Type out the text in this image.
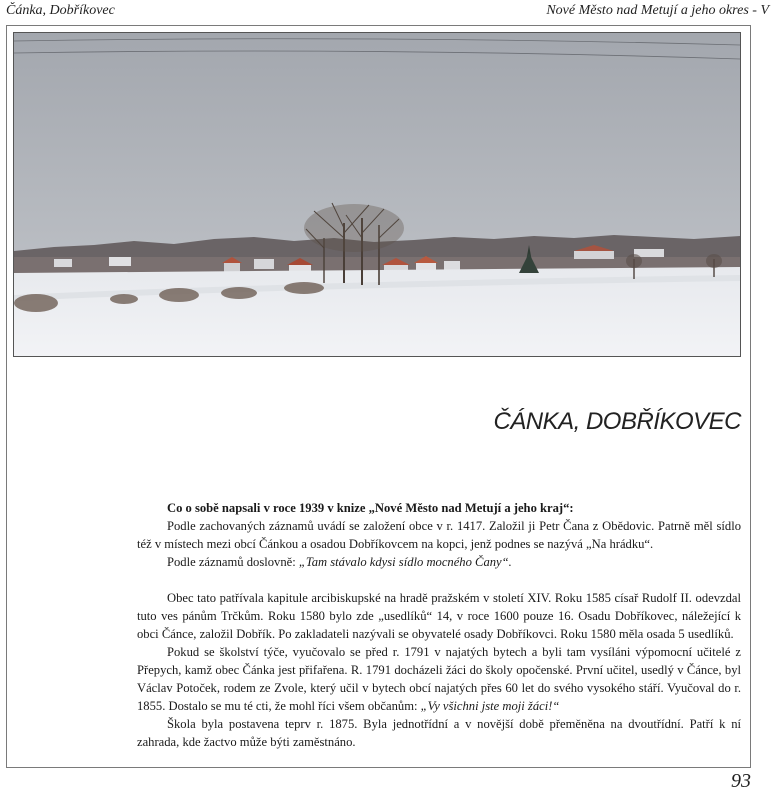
Čánka, Dobříkovec	Nové Město nad Metují a jeho okres - V
ČÁNKA, DOBŘÍKOVEC

Co o sobě napsali v roce 1939 v knize „Nové Město nad Metují a jeho kraj“:

Podle zachovaných záznamů uvádí se založení obce v r. 1417. Založil ji Petr Čana z Obědovic. Patrně měl sídlo též v místech mezi obcí Čánkou a osadou Dobříkovcem na kopci, jenž podnes se nazývá „Na hrádku“.

Podle záznamů doslovně: „Tam stávalo kdysi sídlo mocného Čany“.

Obec tato patřívala kapitule arcibiskupské na hradě pražském v století XIV. Roku 1585 císař Rudolf II. odevzdal tuto ves pánům Trčkům. Roku 1580 bylo zde „usedlíků“ 14, v roce 1600 pouze 16. Osadu Dobříkovec, náležející k obci Čánce, založil Dobřík. Po zakladateli nazývali se obyvatelé osady Dobříkovci. Roku 1580 měla osada 5 usedlíků.

Pokud se školství týče, vyučovalo se před r. 1791 v najatých bytech a byli tam vysíláni výpomocní učitelé z Přepych, kamž obec Čánka jest přifařena. R. 1791 docházeli žáci do školy opočenské. První učitel, usedlý v Čánce, byl Václav Potoček, rodem ze Zvole, který učil v bytech obcí najatých přes 60 let do svého vysokého stáří. Vyučoval do r. 1855. Dostalo se mu té cti, že mohl říci všem občanům: „Vy všichni jste moji žáci!“

Škola byla postavena teprv r. 1875. Byla jednotřídní a v novější době přeměněna na dvoutřídní. Patří k ní zahrada, kde žactvo může býti zaměstnáno.

93
